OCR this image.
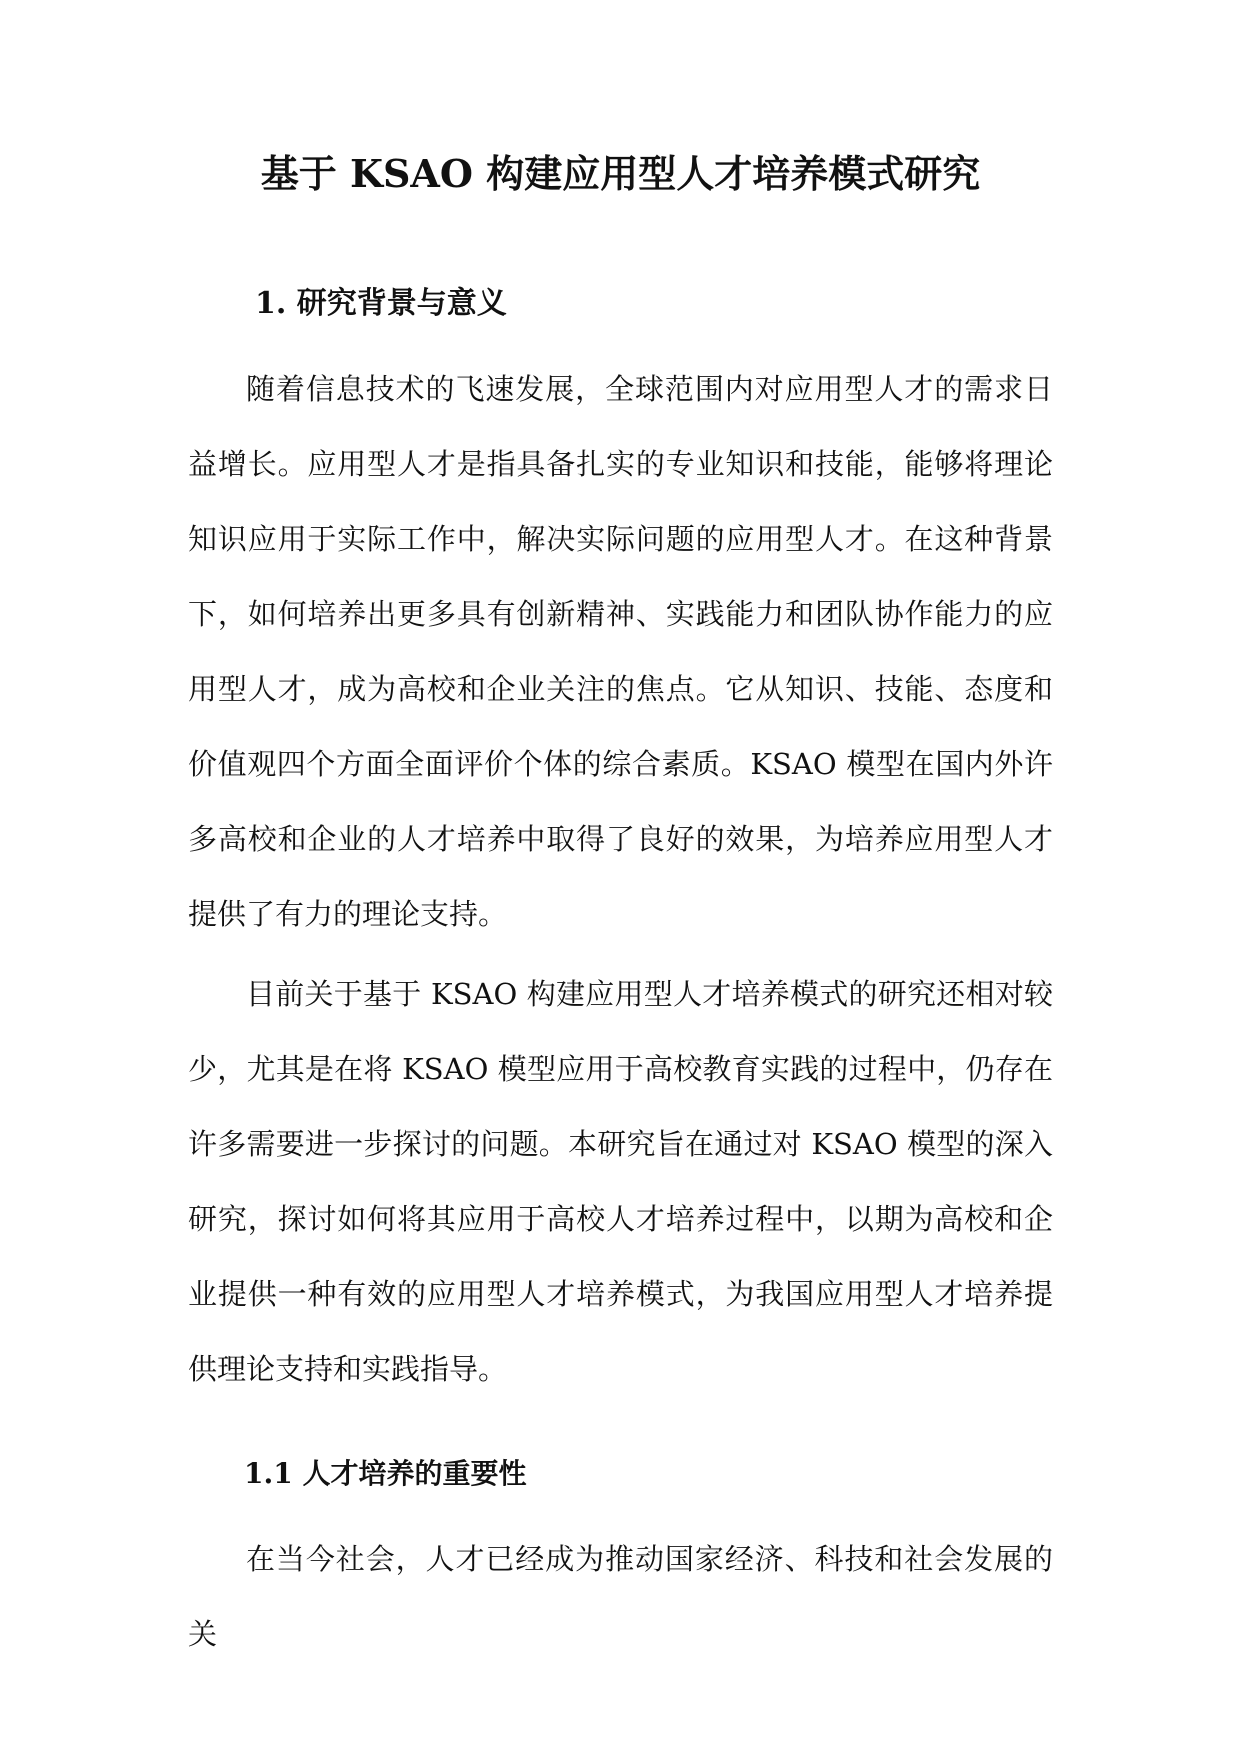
基于 KSAO 构建应用型人才培养模式研究
1. 研究背景与意义

随着信息技术的飞速发展，全球范围内对应用型人才的需求日益增长。应用型人才是指具备扎实的专业知识和技能，能够将理论知识应用于实际工作中，解决实际问题的应用型人才。在这种背景下，如何培养出更多具有创新精神、实践能力和团队协作能力的应用型人才，成为高校和企业关注的焦点。它从知识、技能、态度和价值观四个方面全面评价个体的综合素质。KSAO 模型在国内外许多高校和企业的人才培养中取得了良好的效果，为培养应用型人才提供了有力的理论支持。

目前关于基于 KSAO 构建应用型人才培养模式的研究还相对较少，尤其是在将 KSAO 模型应用于高校教育实践的过程中，仍存在许多需要进一步探讨的问题。本研究旨在通过对 KSAO 模型的深入研究，探讨如何将其应用于高校人才培养过程中，以期为高校和企业提供一种有效的应用型人才培养模式，为我国应用型人才培养提供理论支持和实践指导。

1.1 人才培养的重要性

在当今社会，人才已经成为推动国家经济、科技和社会发展的关
